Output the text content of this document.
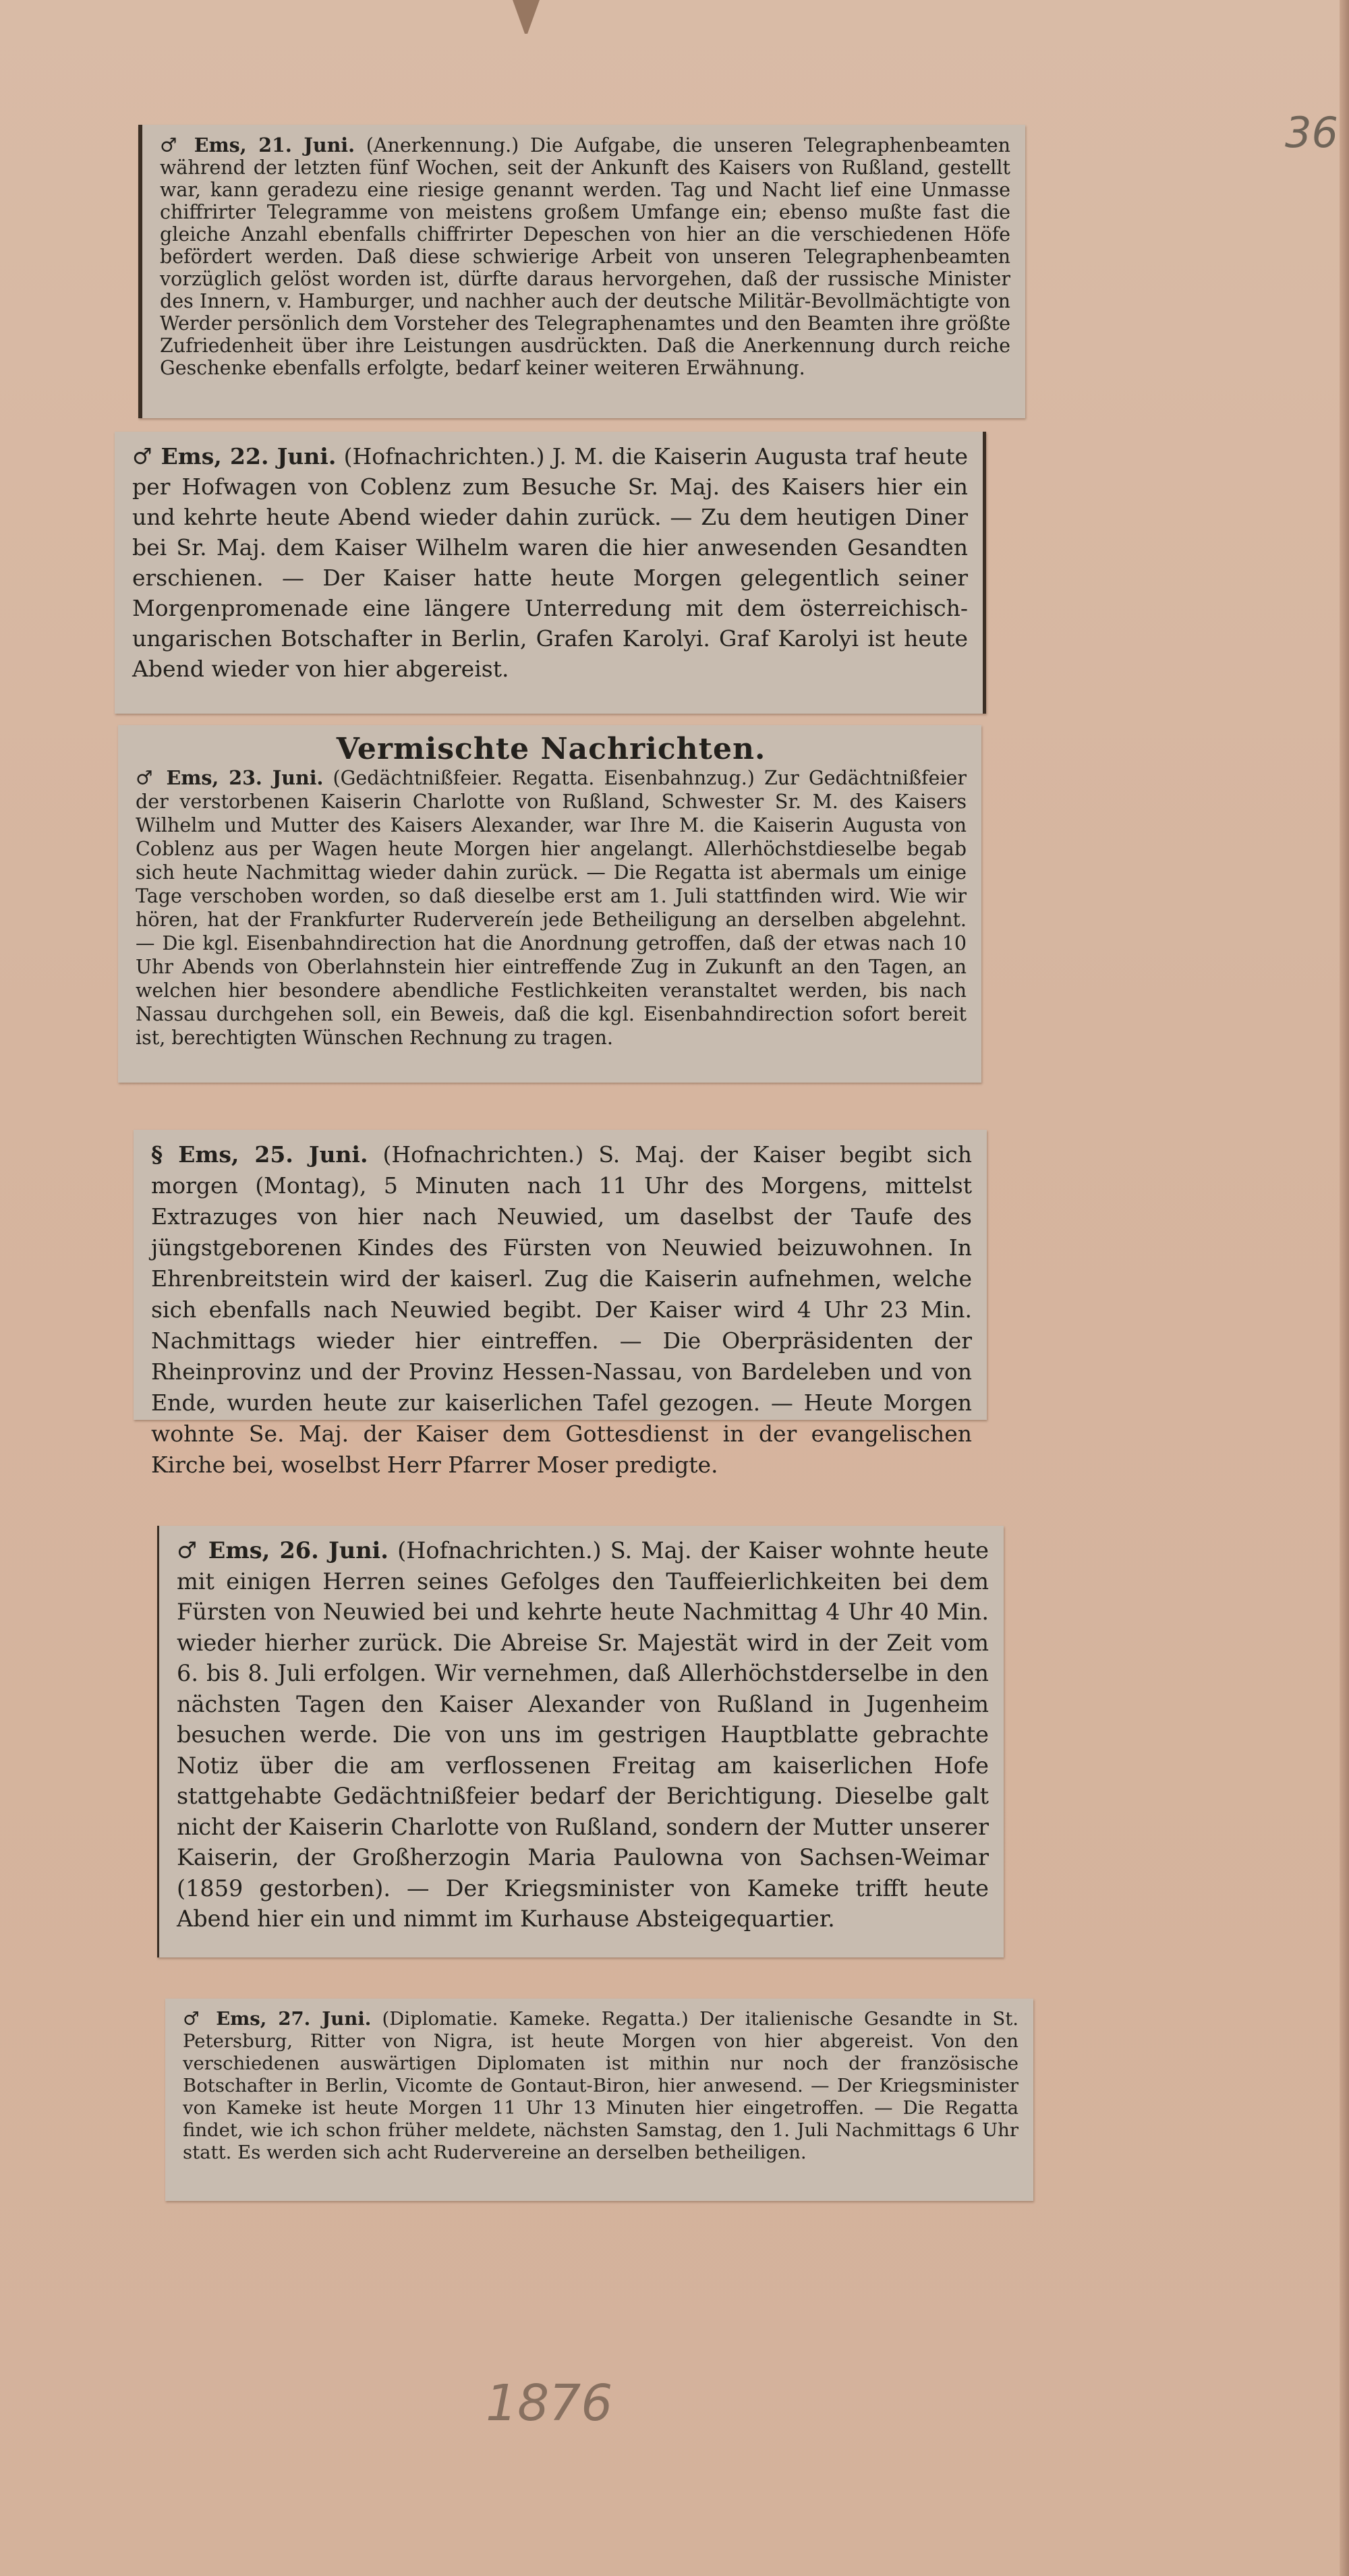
36

♂ Ems, 21. Juni. (Anerkennung.) Die Aufgabe, die unseren Telegraphenbeamten während der letzten fünf Wochen, seit der Ankunft des Kaisers von Rußland, gestellt war, kann geradezu eine riesige genannt werden. Tag und Nacht lief eine Unmasse chiffrirter Telegramme von meistens großem Umfange ein; ebenso mußte fast die gleiche Anzahl ebenfalls chiffrirter Depeschen von hier an die verschiedenen Höfe befördert werden. Daß diese schwierige Arbeit von unseren Telegraphenbeamten vorzüglich gelöst worden ist, dürfte daraus hervorgehen, daß der russische Minister des Innern, v. Hamburger, und nachher auch der deutsche Militär-Bevollmächtigte von Werder persönlich dem Vorsteher des Telegraphenamtes und den Beamten ihre größte Zufriedenheit über ihre Leistungen ausdrückten. Daß die Anerkennung durch reiche Geschenke ebenfalls erfolgte, bedarf keiner weiteren Erwähnung.

♂ Ems, 22. Juni. (Hofnachrichten.) J. M. die Kaiserin Augusta traf heute per Hofwagen von Coblenz zum Besuche Sr. Maj. des Kaisers hier ein und kehrte heute Abend wieder dahin zurück. — Zu dem heutigen Diner bei Sr. Maj. dem Kaiser Wilhelm waren die hier anwesenden Gesandten erschienen. — Der Kaiser hatte heute Morgen gelegentlich seiner Morgenpromenade eine längere Unterredung mit dem österreichisch-ungarischen Botschafter in Berlin, Grafen Karolyi. Graf Karolyi ist heute Abend wieder von hier abgereist.

Vermischte Nachrichten.

♂ Ems, 23. Juni. (Gedächtnißfeier. Regatta. Eisenbahnzug.) Zur Gedächtnißfeier der verstorbenen Kaiserin Charlotte von Rußland, Schwester Sr. M. des Kaisers Wilhelm und Mutter des Kaisers Alexander, war Ihre M. die Kaiserin Augusta von Coblenz aus per Wagen heute Morgen hier angelangt. Allerhöchstdieselbe begab sich heute Nachmittag wieder dahin zurück. — Die Regatta ist abermals um einige Tage verschoben worden, so daß dieselbe erst am 1. Juli stattfinden wird. Wie wir hören, hat der Frankfurter Rudervereín jede Betheiligung an derselben abgelehnt. — Die kgl. Eisenbahndirection hat die Anordnung getroffen, daß der etwas nach 10 Uhr Abends von Oberlahnstein hier eintreffende Zug in Zukunft an den Tagen, an welchen hier besondere abendliche Festlichkeiten veranstaltet werden, bis nach Nassau durchgehen soll, ein Beweis, daß die kgl. Eisenbahndirection sofort bereit ist, berechtigten Wünschen Rechnung zu tragen.

§ Ems, 25. Juni. (Hofnachrichten.) S. Maj. der Kaiser begibt sich morgen (Montag), 5 Minuten nach 11 Uhr des Morgens, mittelst Extrazuges von hier nach Neuwied, um daselbst der Taufe des jüngstgeborenen Kindes des Fürsten von Neuwied beizuwohnen. In Ehrenbreitstein wird der kaiserl. Zug die Kaiserin aufnehmen, welche sich ebenfalls nach Neuwied begibt. Der Kaiser wird 4 Uhr 23 Min. Nachmittags wieder hier eintreffen. — Die Oberpräsidenten der Rheinprovinz und der Provinz Hessen-Nassau, von Bardeleben und von Ende, wurden heute zur kaiserlichen Tafel gezogen. — Heute Morgen wohnte Se. Maj. der Kaiser dem Gottesdienst in der evangelischen Kirche bei, woselbst Herr Pfarrer Moser predigte.

♂ Ems, 26. Juni. (Hofnachrichten.) S. Maj. der Kaiser wohnte heute mit einigen Herren seines Gefolges den Tauffeierlichkeiten bei dem Fürsten von Neuwied bei und kehrte heute Nachmittag 4 Uhr 40 Min. wieder hierher zurück. Die Abreise Sr. Majestät wird in der Zeit vom 6. bis 8. Juli erfolgen. Wir vernehmen, daß Allerhöchstderselbe in den nächsten Tagen den Kaiser Alexander von Rußland in Jugenheim besuchen werde. Die von uns im gestrigen Hauptblatte gebrachte Notiz über die am verflossenen Freitag am kaiserlichen Hofe stattgehabte Gedächtnißfeier bedarf der Berichtigung. Dieselbe galt nicht der Kaiserin Charlotte von Rußland, sondern der Mutter unserer Kaiserin, der Großherzogin Maria Paulowna von Sachsen-Weimar (1859 gestorben). — Der Kriegsminister von Kameke trifft heute Abend hier ein und nimmt im Kurhause Absteigequartier.

♂ Ems, 27. Juni. (Diplomatie. Kameke. Regatta.) Der italienische Gesandte in St. Petersburg, Ritter von Nigra, ist heute Morgen von hier abgereist. Von den verschiedenen auswärtigen Diplomaten ist mithin nur noch der französische Botschafter in Berlin, Vicomte de Gontaut-Biron, hier anwesend. — Der Kriegsminister von Kameke ist heute Morgen 11 Uhr 13 Minuten hier eingetroffen. — Die Regatta findet, wie ich schon früher meldete, nächsten Samstag, den 1. Juli Nachmittags 6 Uhr statt. Es werden sich acht Rudervereine an derselben betheiligen.

1876
